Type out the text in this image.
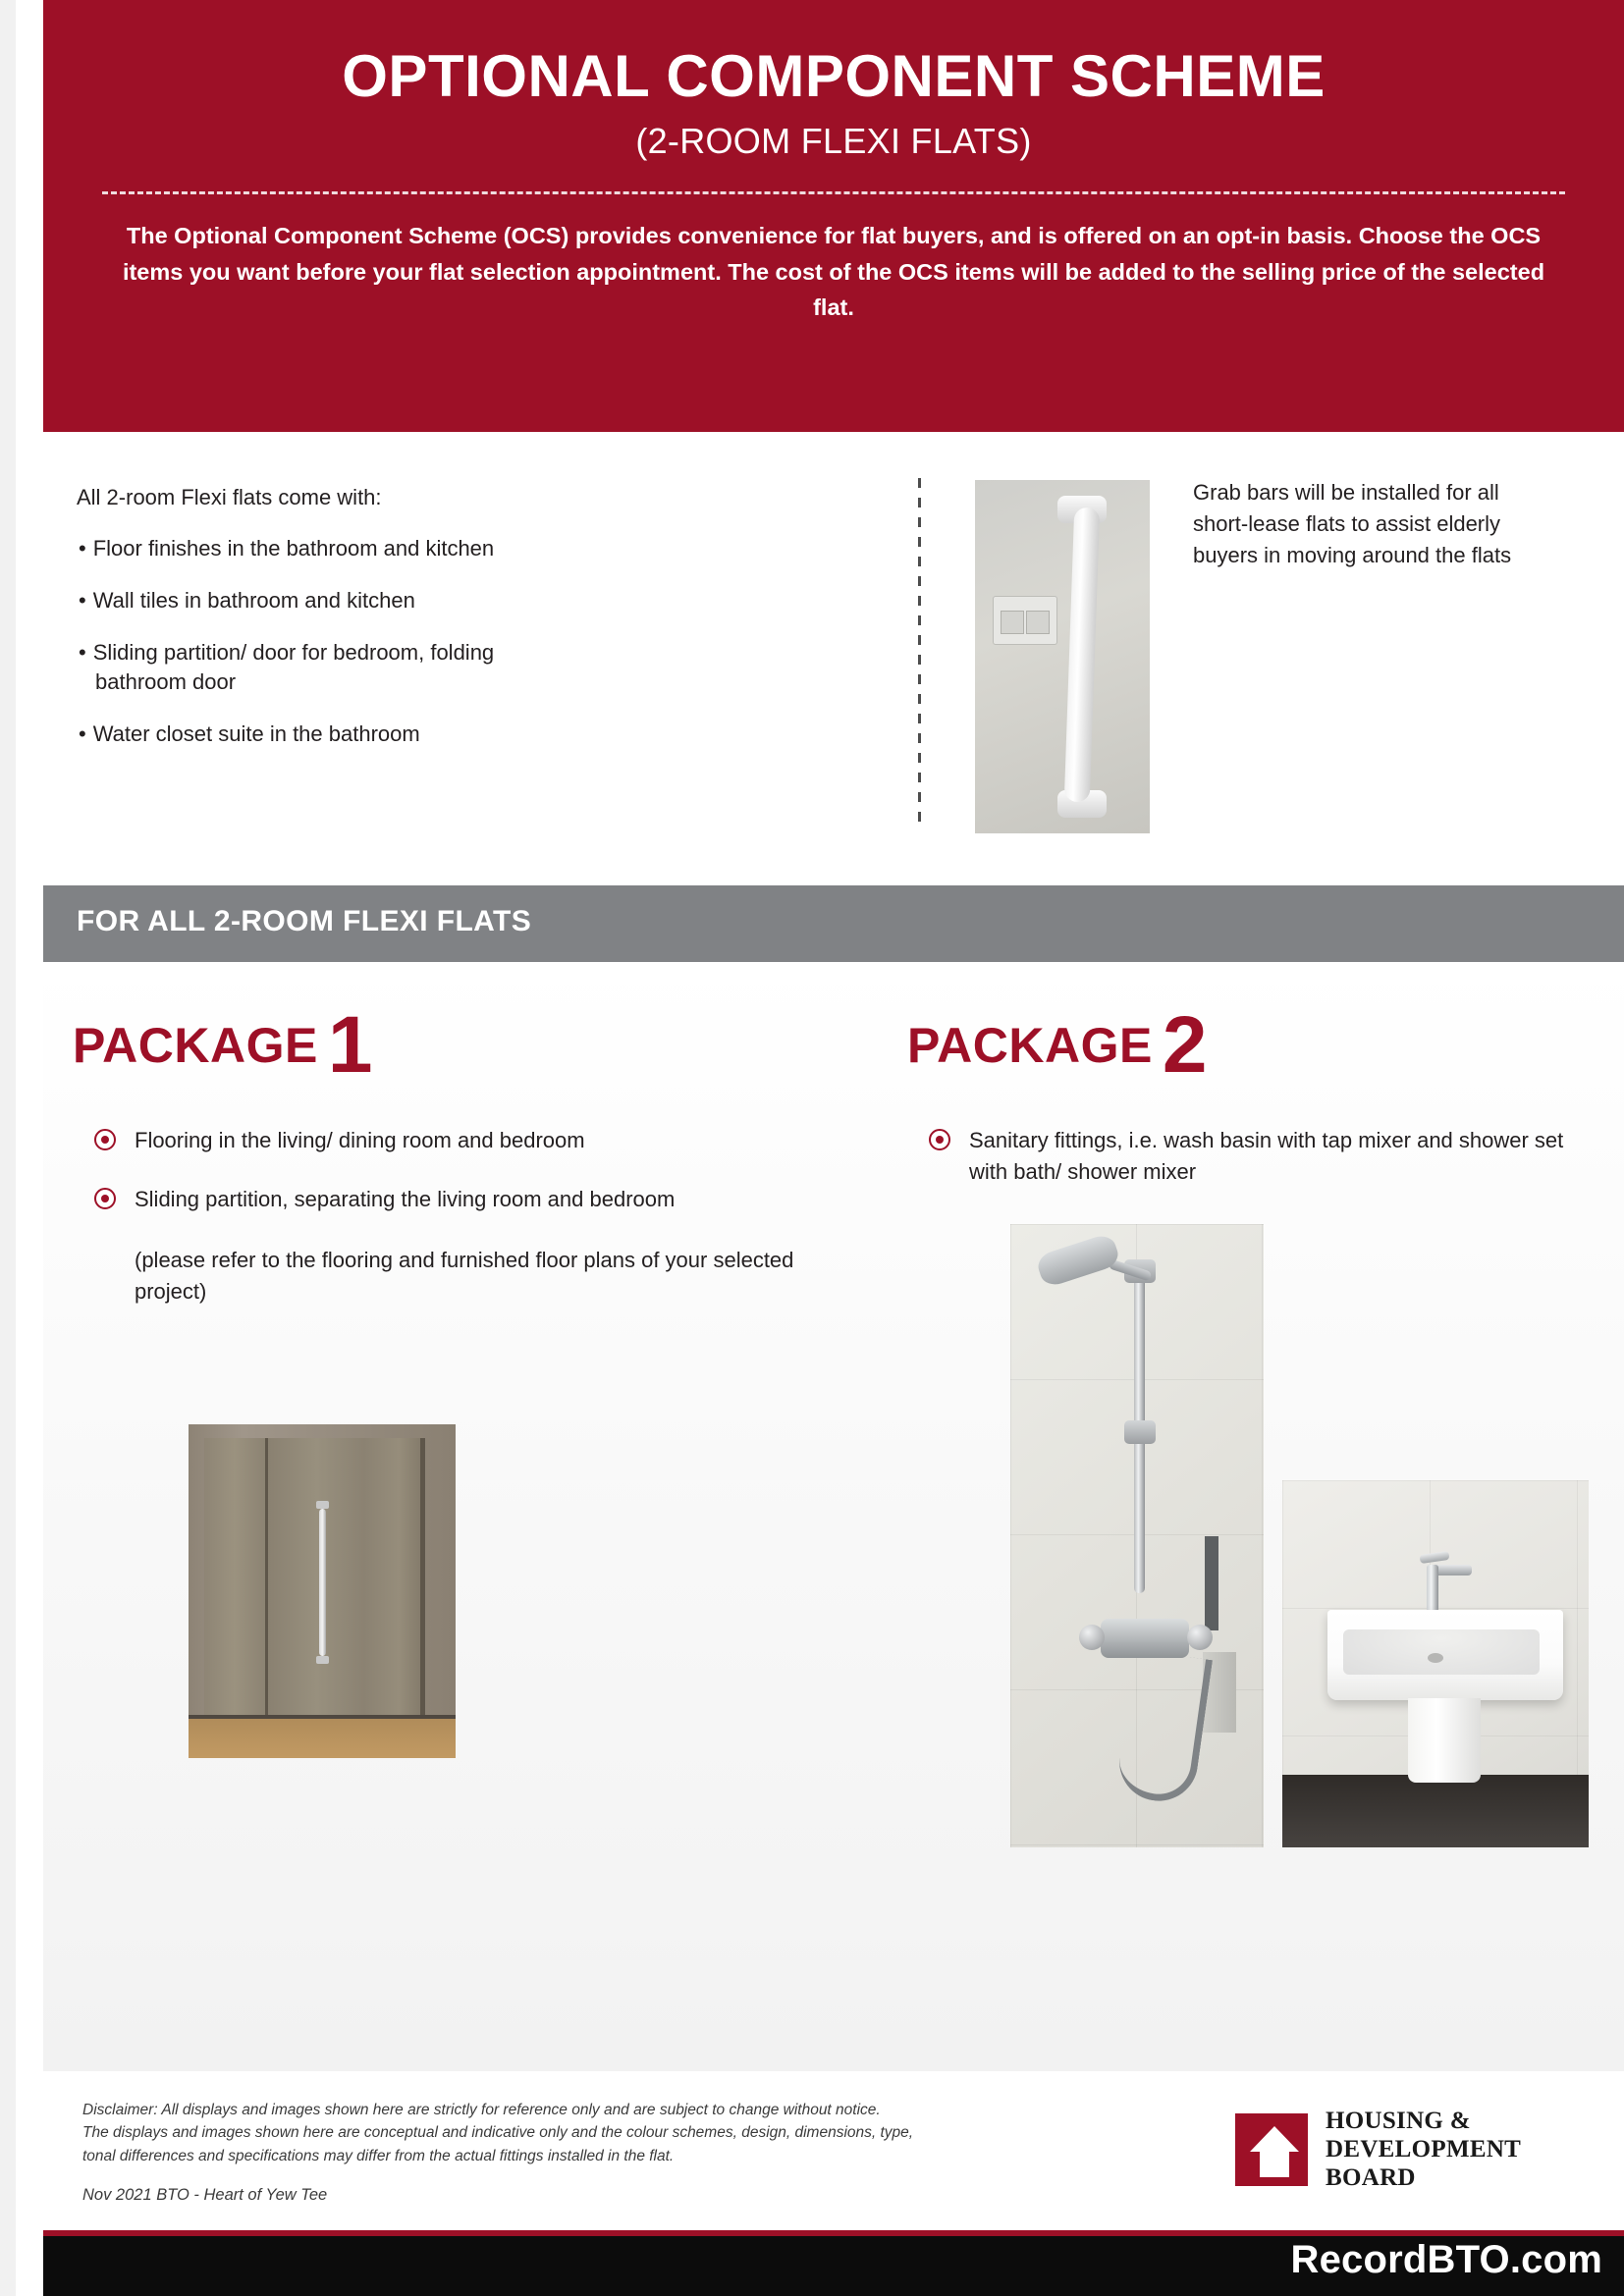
OPTIONAL COMPONENT SCHEME
(2-ROOM FLEXI FLATS)
The Optional Component Scheme (OCS) provides convenience for flat buyers, and is offered on an opt-in basis. Choose the OCS items you want before your flat selection appointment. The cost of the OCS items will be added to the selling price of the selected flat.
All 2-room Flexi flats come with:
• Floor finishes in the bathroom and kitchen
• Wall tiles in bathroom and kitchen
• Sliding partition/ door for bedroom, folding
bathroom door
• Water closet suite in the bathroom
Grab bars will be installed for all short-lease flats to assist elderly buyers in moving around the flats
FOR ALL 2-ROOM FLEXI FLATS
PACKAGE 1
Flooring in the living/ dining room and bedroom
Sliding partition, separating the living room and bedroom
(please refer to the flooring and furnished floor plans of your selected project)
PACKAGE 2
Sanitary fittings, i.e. wash basin with tap mixer and shower set with bath/ shower mixer
Disclaimer: All displays and images shown here are strictly for reference only and are subject to change without notice.
The displays and images shown here are conceptual and indicative only and the colour schemes, design, dimensions, type,
tonal differences and specifications may differ from the actual fittings installed in the flat.
Nov 2021 BTO - Heart of Yew Tee
HOUSING &
DEVELOPMENT
BOARD
RecordBTO.com
